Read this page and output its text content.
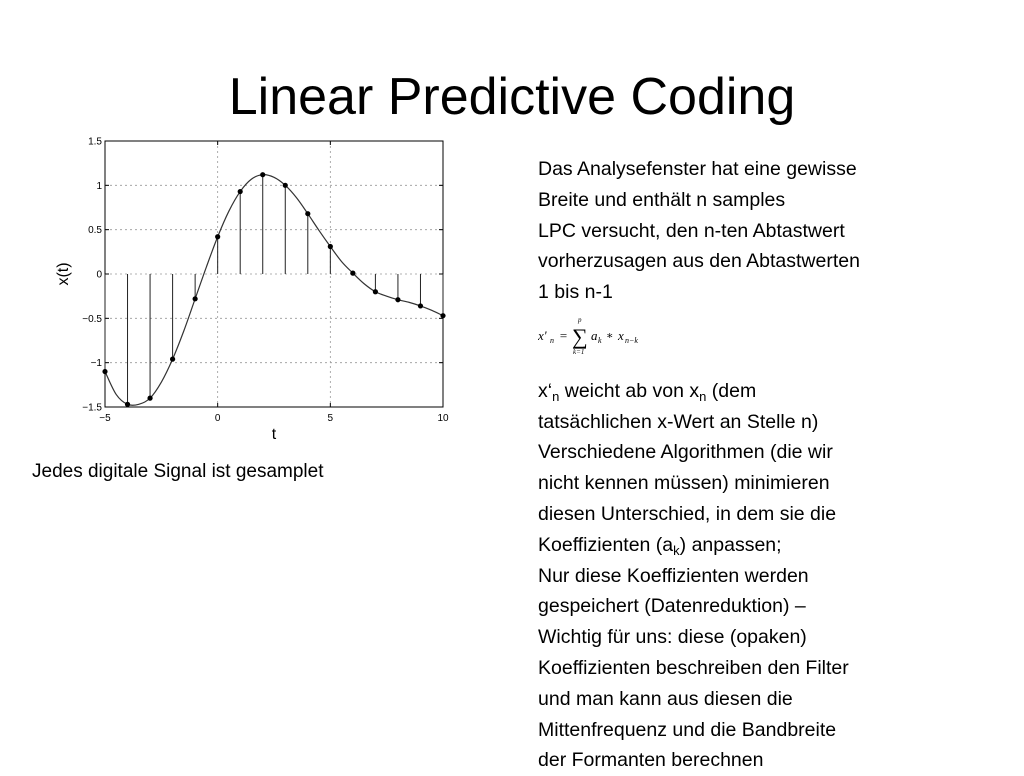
Linear Predictive Coding
−5	0	5	10
1.5
1
0.5
0
−0.5
−1
−1.5
t
x(t)
Jedes digitale Signal ist gesamplet

Das Analysefenster hat eine gewisse

Breite und enthält n samples

LPC versucht, den n-ten Abtastwert

vorherzusagen aus den Abtastwerten

1 bis n-1

x' n =
p
∑
k=1
a k ∗ x n−k

$x‘_n$ weicht ab von $x_n$ (dem

tatsächlichen x-Wert an Stelle n)

Verschiedene Algorithmen (die wir

nicht kennen müssen) minimieren

diesen Unterschied, in dem sie die

Koeffizienten $(a_k)$ anpassen;

Nur diese Koeffizienten werden

gespeichert (Datenreduktion) –

Wichtig für uns: diese (opaken)

Koeffizienten beschreiben den Filter

und man kann aus diesen die

Mittenfrequenz und die Bandbreite

der Formanten berechnen
